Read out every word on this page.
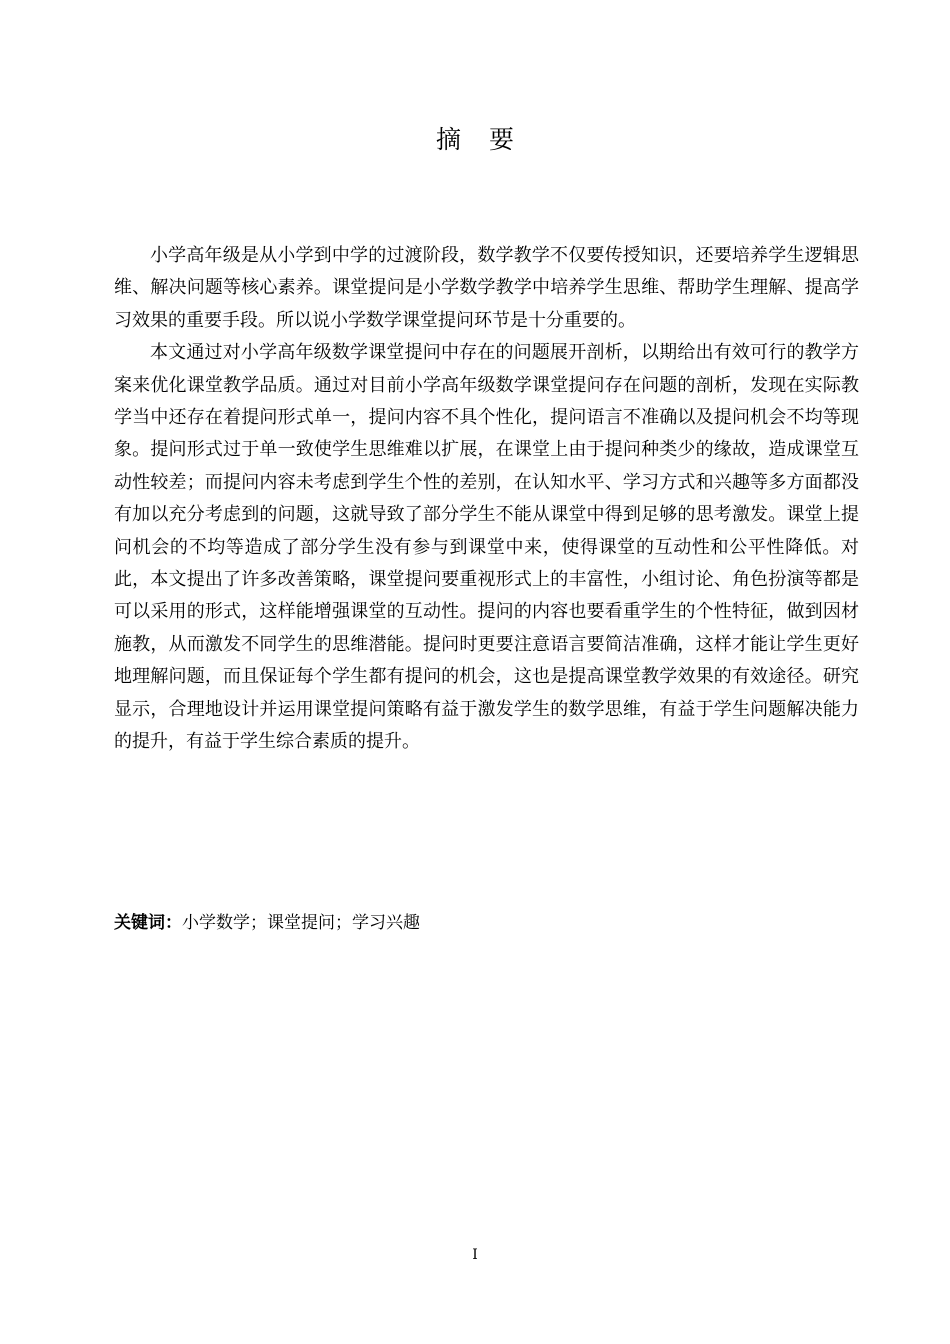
摘 要

小学高年级是从小学到中学的过渡阶段，数学教学不仅要传授知识，还要培养学生逻辑思维、解决问题等核心素养。课堂提问是小学数学教学中培养学生思维、帮助学生理解、提高学习效果的重要手段。所以说小学数学课堂提问环节是十分重要的。

本文通过对小学高年级数学课堂提问中存在的问题展开剖析，以期给出有效可行的教学方案来优化课堂教学品质。通过对目前小学高年级数学课堂提问存在问题的剖析，发现在实际教学当中还存在着提问形式单一，提问内容不具个性化，提问语言不准确以及提问机会不均等现象。提问形式过于单一致使学生思维难以扩展，在课堂上由于提问种类少的缘故，造成课堂互动性较差；而提问内容未考虑到学生个性的差别，在认知水平、学习方式和兴趣等多方面都没有加以充分考虑到的问题，这就导致了部分学生不能从课堂中得到足够的思考激发。课堂上提问机会的不均等造成了部分学生没有参与到课堂中来，使得课堂的互动性和公平性降低。对此，本文提出了许多改善策略，课堂提问要重视形式上的丰富性，小组讨论、角色扮演等都是可以采用的形式，这样能增强课堂的互动性。提问的内容也要看重学生的个性特征，做到因材施教，从而激发不同学生的思维潜能。提问时更要注意语言要简洁准确，这样才能让学生更好地理解问题，而且保证每个学生都有提问的机会，这也是提高课堂教学效果的有效途径。研究显示，合理地设计并运用课堂提问策略有益于激发学生的数学思维，有益于学生问题解决能力的提升，有益于学生综合素质的提升。

关键词：小学数学；课堂提问；学习兴趣
I
